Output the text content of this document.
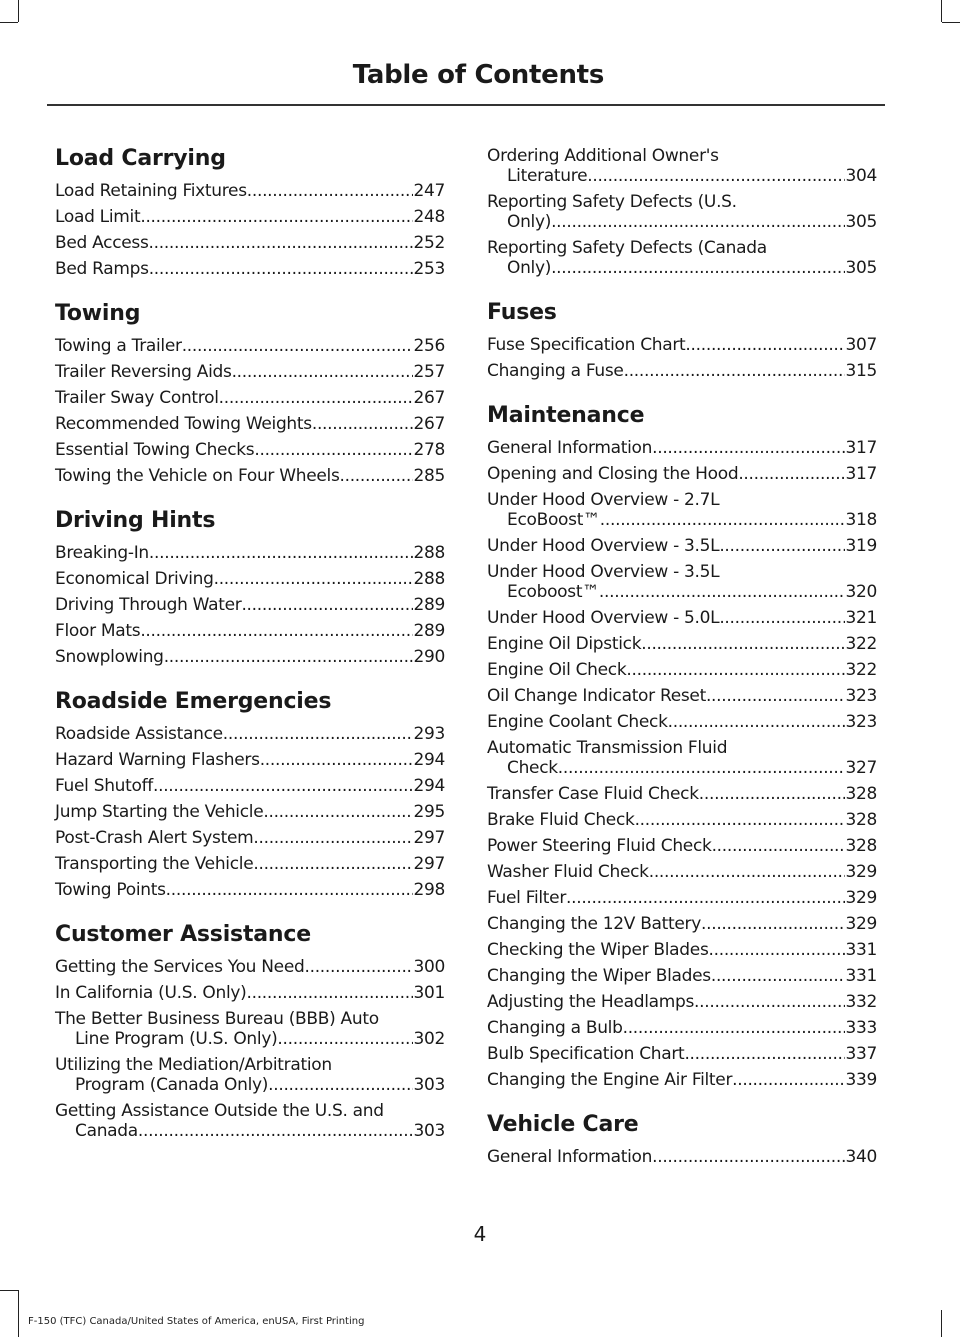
Table of Contents
Load Carrying
Load Retaining Fixtures .....	247
Load Limit .....	248
Bed Access .....	252
Bed Ramps .....	253
Towing
Towing a Trailer .....	256
Trailer Reversing Aids .....	257
Trailer Sway Control .....	267
Recommended Towing Weights .....	267
Essential Towing Checks .....	278
Towing the Vehicle on Four Wheels .....	285
Driving Hints
Breaking-In .....	288
Economical Driving .....	288
Driving Through Water .....	289
Floor Mats .....	289
Snowplowing .....	290
Roadside Emergencies
Roadside Assistance .....	293
Hazard Warning Flashers .....	294
Fuel Shutoff .....	294
Jump Starting the Vehicle .....	295
Post-Crash Alert System .....	297
Transporting the Vehicle .....	297
Towing Points .....	298
Customer Assistance
Getting the Services You Need .....	300
In California (U.S. Only) .....	301
The Better Business Bureau (BBB) Auto
Line Program (U.S. Only) .....	302
Utilizing the Mediation/Arbitration
Program (Canada Only) .....	303
Getting Assistance Outside the U.S. and
Canada .....	303
Ordering Additional Owner's
Literature .....	304
Reporting Safety Defects (U.S.
Only) .....	305
Reporting Safety Defects (Canada
Only) .....	305
Fuses
Fuse Specification Chart .....	307
Changing a Fuse .....	315
Maintenance
General Information .....	317
Opening and Closing the Hood .....	317
Under Hood Overview - 2.7L
EcoBoost™ .....	318
Under Hood Overview - 3.5L .....	319
Under Hood Overview - 3.5L
Ecoboost™ .....	320
Under Hood Overview - 5.0L .....	321
Engine Oil Dipstick .....	322
Engine Oil Check .....	322
Oil Change Indicator Reset .....	323
Engine Coolant Check .....	323
Automatic Transmission Fluid
Check .....	327
Transfer Case Fluid Check .....	328
Brake Fluid Check .....	328
Power Steering Fluid Check .....	328
Washer Fluid Check .....	329
Fuel Filter .....	329
Changing the 12V Battery .....	329
Checking the Wiper Blades .....	331
Changing the Wiper Blades .....	331
Adjusting the Headlamps .....	332
Changing a Bulb .....	333
Bulb Specification Chart .....	337
Changing the Engine Air Filter .....	339
Vehicle Care
General Information .....	340
4
F-150 (TFC) Canada/United States of America, enUSA, First Printing
